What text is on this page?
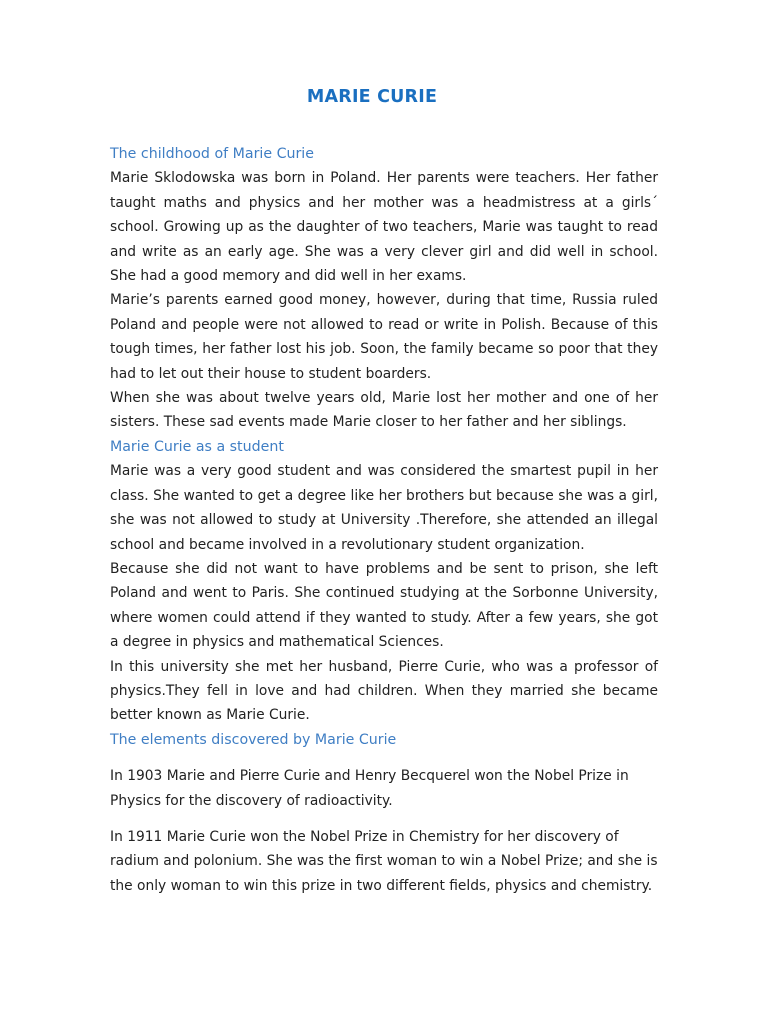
MARIE CURIE
The childhood of Marie Curie

Marie Sklodowska was born in Poland. Her parents were teachers. Her father taught maths and physics and her mother was a headmistress at a girls´ school. Growing up as the daughter of two teachers, Marie was taught to read and write as an early age. She was a very clever girl and did well in school. She had a good memory and did well in her exams.

Marie’s parents earned good money, however, during that time, Russia ruled Poland and people were not allowed to read or write in Polish. Because of this tough times, her father lost his job. Soon, the family became so poor that they had to let out their house to student boarders.

When she was about twelve years old, Marie lost her mother and one of her sisters. These sad events made Marie closer to her father and her siblings.

Marie Curie as a student

Marie was a very good student and was considered the smartest pupil in her class. She wanted to get a degree like her brothers but because she was a girl, she was not allowed to study at University .Therefore, she attended an illegal school and became involved in a revolutionary student organization.

Because she did not want to have problems and be sent to prison, she left Poland and went to Paris. She continued studying at the Sorbonne University, where women could attend if they wanted to study. After a few years, she got a degree in physics and mathematical Sciences.

In this university she met her husband, Pierre Curie, who was a professor of physics.They fell in love and had children. When they married she became better known as Marie Curie.

The elements discovered by Marie Curie

In 1903 Marie and Pierre Curie and Henry Becquerel won the Nobel Prize in Physics for the discovery of radioactivity.

In 1911 Marie Curie won the Nobel Prize in Chemistry for her discovery of radium and polonium. She was the first woman to win a Nobel Prize; and she is the only woman to win this prize in two different fields, physics and chemistry.
